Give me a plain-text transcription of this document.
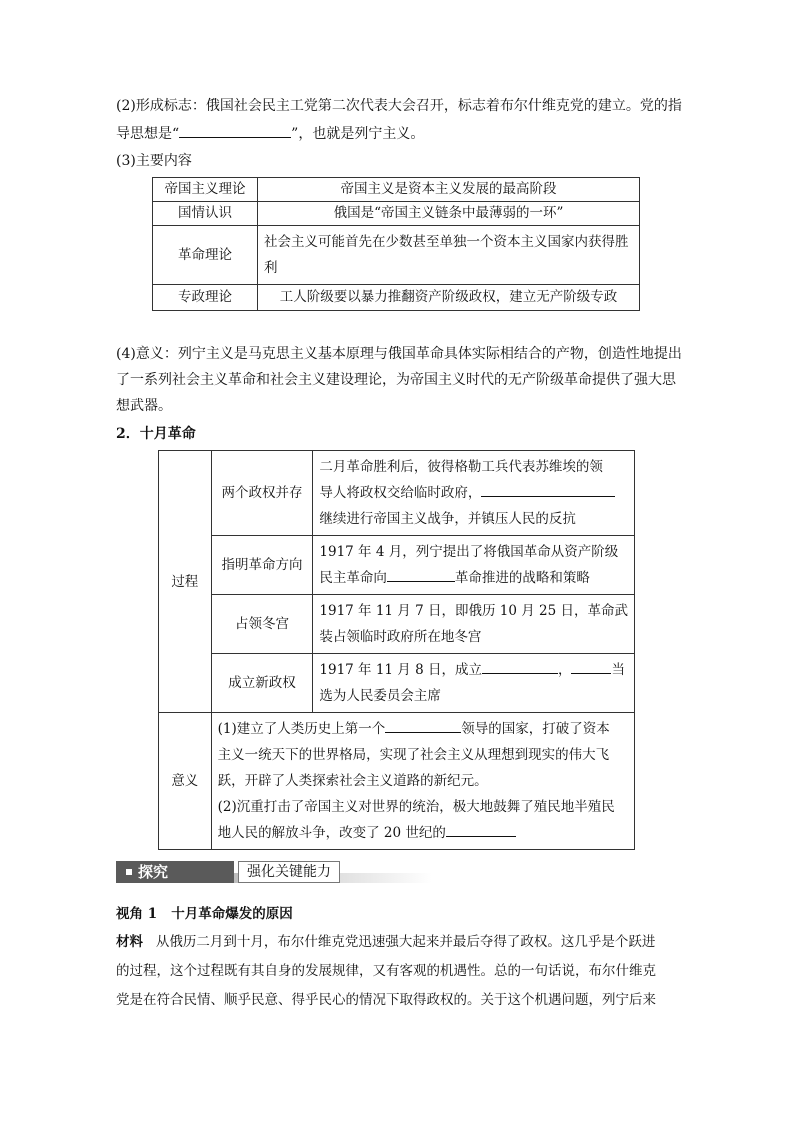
(2)形成标志：俄国社会民主工党第二次代表大会召开，标志着布尔什维克党的建立。党的指
导思想是“	”，也就是列宁主义。
(3)主要内容
帝国主义理论	帝国主义是资本主义发展的最高阶段
国情认识	俄国是“帝国主义链条中最薄弱的一环”
革命理论	社会主义可能首先在少数甚至单独一个资本主义国家内获得胜利
专政理论	工人阶级要以暴力推翻资产阶级政权，建立无产阶级专政
(4)意义：列宁主义是马克思主义基本原理与俄国革命具体实际相结合的产物，创造性地提出
了一系列社会主义革命和社会主义建设理论，为帝国主义时代的无产阶级革命提供了强大思
想武器。
2．十月革命
过程	两个政权并存	二月革命胜利后，彼得格勒工兵代表苏维埃的领
导人将政权交给临时政府，
继续进行帝国主义战争，并镇压人民的反抗

	指明革命方向	1917 年 4 月，列宁提出了将俄国革命从资产阶级
民主革命向 革命推进的战略和策略

	占领冬宫	1917 年 11 月 7 日，即俄历 10 月 25 日，革命武
装占领临时政府所在地冬宫

	成立新政权	1917 年 11 月 8 日，成立 ， 当
选为人民委员会主席

意义	(1)建立了人类历史上第一个 领导的国家，打破了资本
主义一统天下的世界格局，实现了社会主义从理想到现实的伟大飞
跃，开辟了人类探索社会主义道路的新纪元。
(2)沉重打击了帝国主义对世界的统治，极大地鼓舞了殖民地半殖民
地人民的解放斗争，改变了 20 世纪的	
探究	强化关键能力
视角 1 十月革命爆发的原因
材料 从俄历二月到十月，布尔什维克党迅速强大起来并最后夺得了政权。这几乎是个跃进
的过程，这个过程既有其自身的发展规律，又有客观的机遇性。总的一句话说，布尔什维克
党是在符合民情、顺乎民意、得乎民心的情况下取得政权的。关于这个机遇问题，列宁后来
